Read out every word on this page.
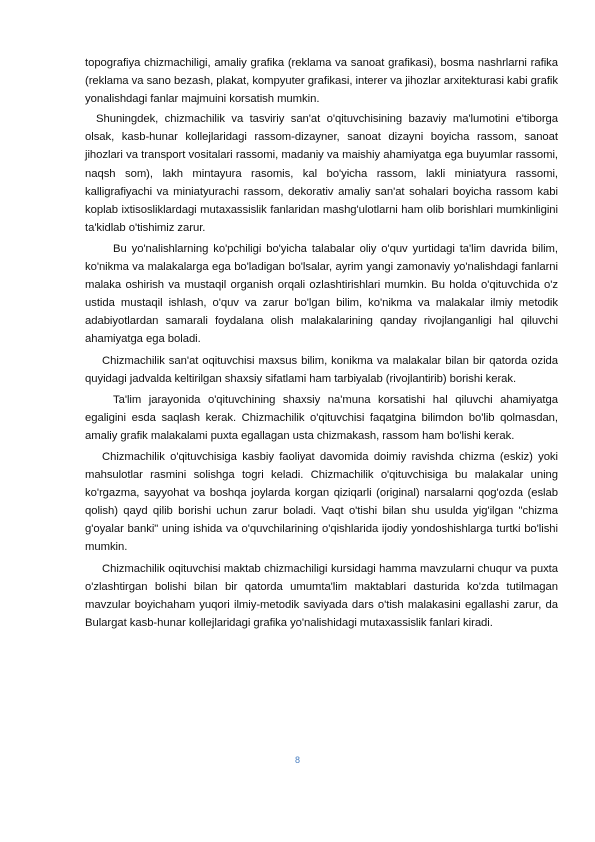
topografiya chizmachiligi, amaliy grafika (reklama va sanoat grafikasi), bosma nashrlarni rafika (reklama va sano bezash, plakat, kompyuter grafikasi, interer va jihozlar arxitekturasi kabi grafik yonalishdagi fanlar majmuini korsatish mumkin.

Shuningdek, chizmachilik va tasviriy san'at o'qituvchisining bazaviy ma'lumotini e'tiborga olsak, kasb-hunar kollejlaridagi rassom-dizayner, sanoat dizayni boyicha rassom, sanoat jihozlari va transport vositalari rassomi, madaniy va maishiy ahamiyatga ega buyumlar rassomi, naqsh som), lakh mintayura rasomis, kal bo'yicha rassom, lakli miniatyura rassomi, kalligrafiyachi va miniatyurachi rassom, dekorativ amaliy san'at sohalari boyicha rassom kabi koplab ixtisosliklardagi mutaxassislik fanlaridan mashg'ulotlarni ham olib borishlari mumkinligini ta'kidlab o'tishimiz zarur.

Bu yo'nalishlarning ko'pchiligi bo'yicha talabalar oliy o'quv yurtidagi ta'lim davrida bilim, ko'nikma va malakalarga ega bo'ladigan bo'lsalar, ayrim yangi zamonaviy yo'nalishdagi fanlarni malaka oshirish va mustaqil organish orqali ozlashtirishlari mumkin. Bu holda o'qituvchida o'z ustida mustaqil ishlash, o'quv va zarur bo'lgan bilim, ko'nikma va malakalar ilmiy metodik adabiyotlardan samarali foydalana olish malakalarining qanday rivojlanganligi hal qiluvchi ahamiyatga ega boladi.

Chizmachilik san'at oqituvchisi maxsus bilim, konikma va malakalar bilan bir qatorda ozida quyidagi jadvalda keltirilgan shaxsiy sifatlami ham tarbiyalab (rivojlantirib) borishi kerak.

Ta'lim jarayonida o'qituvchining shaxsiy na'muna korsatishi hal qiluvchi ahamiyatga egaligini esda saqlash kerak. Chizmachilik o'qituvchisi faqatgina bilimdon bo'lib qolmasdan, amaliy grafik malakalami puxta egallagan usta chizmakash, rassom ham bo'lishi kerak.

Chizmachilik o'qituvchisiga kasbiy faoliyat davomida doimiy ravishda chizma (eskiz) yoki mahsulotlar rasmini solishga togri keladi. Chizmachilik o'qituvchisiga bu malakalar uning ko'rgazma, sayyohat va boshqa joylarda korgan qiziqarli (original) narsalarni qog'ozda (eslab qolish) qayd qilib borishi uchun zarur boladi. Vaqt o'tishi bilan shu usulda yig'ilgan "chizma g'oyalar banki" uning ishida va o'quvchilarining o'qishlarida ijodiy yondoshishlarga turtki bo'lishi mumkin.

Chizmachilik oqituvchisi maktab chizmachiligi kursidagi hamma mavzularni chuqur va puxta o'zlashtirgan bolishi bilan bir qatorda umumta'lim maktablari dasturida ko'zda tutilmagan mavzular boyichaham yuqori ilmiy-metodik saviyada dars o'tish malakasini egallashi zarur, da Bulargat kasb-hunar kollejlaridagi grafika yo'nalishidagi mutaxassislik fanlari kiradi.

8
